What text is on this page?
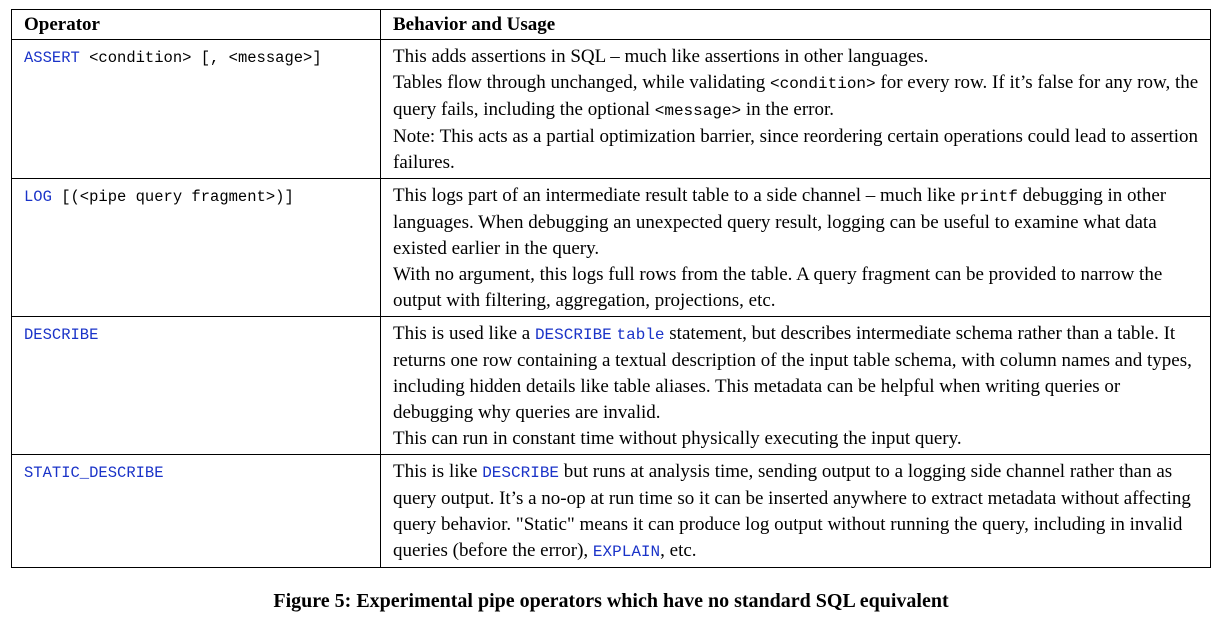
Operator	Behavior and Usage
ASSERT <condition> [, <message>]	This adds assertions in SQL – much like assertions in other languages.
Tables flow through unchanged, while validating <condition> for every row. If it’s false for any row, the query fails, including the optional <message> in the error.
Note: This acts as a partial optimization barrier, since reordering certain operations could lead to assertion failures.

LOG [(<pipe query fragment>)]	This logs part of an intermediate result table to a side channel – much like printf debugging in other languages. When debugging an unexpected query result, logging can be useful to examine what data existed earlier in the query.
With no argument, this logs full rows from the table. A query fragment can be provided to narrow the output with filtering, aggregation, projections, etc.

DESCRIBE	This is used like a DESCRIBE table statement, but describes intermediate schema rather than a table. It returns one row containing a textual description of the input table schema, with column names and types, including hidden details like table aliases. This metadata can be helpful when writing queries or debugging why queries are invalid.
This can run in constant time without physically executing the input query.

STATIC_DESCRIBE	This is like DESCRIBE but runs at analysis time, sending output to a logging side channel rather than as query output. It’s a no-op at run time so it can be inserted anywhere to extract metadata without affecting query behavior. "Static" means it can produce log output without running the query, including in invalid queries (before the error), EXPLAIN, etc.
Figure 5: Experimental pipe operators which have no standard SQL equivalent
